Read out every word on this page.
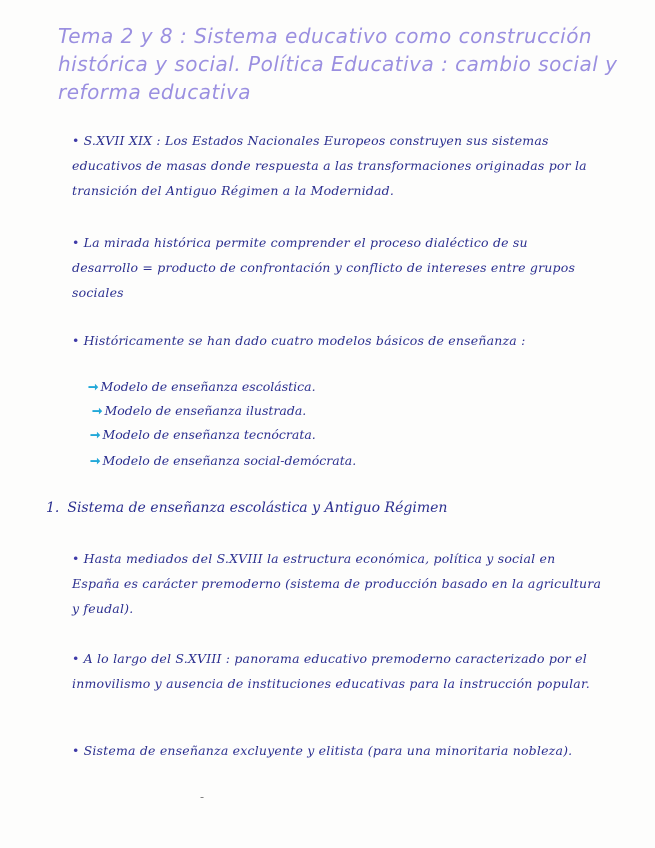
Tema 2 y 8 : Sistema educativo como construcción histórica y social. Política Educativa : cambio social y reforma educativa
• S.XVII XIX : Los Estados Nacionales Europeos construyen sus sistemas educativos de masas donde respuesta a las transformaciones originadas por la transición del Antiguo Régimen a la Modernidad.
• La mirada histórica permite comprender el proceso dialéctico de su desarrollo = producto de confrontación y conflicto de intereses entre grupos sociales
• Históricamente se han dado cuatro modelos básicos de enseñanza :
➞ Modelo de enseñanza escolástica.
➞ Modelo de enseñanza ilustrada.
➞ Modelo de enseñanza tecnócrata.
➞ Modelo de enseñanza social-demócrata.
1. Sistema de enseñanza escolástica y Antiguo Régimen
• Hasta mediados del S.XVIII la estructura económica, política y social en España es carácter premoderno (sistema de producción basado en la agricultura y feudal).
• A lo largo del S.XVIII : panorama educativo premoderno caracterizado por el inmovilismo y ausencia de instituciones educativas para la instrucción popular.
• Sistema de enseñanza excluyente y elitista (para una minoritaria nobleza).
-
